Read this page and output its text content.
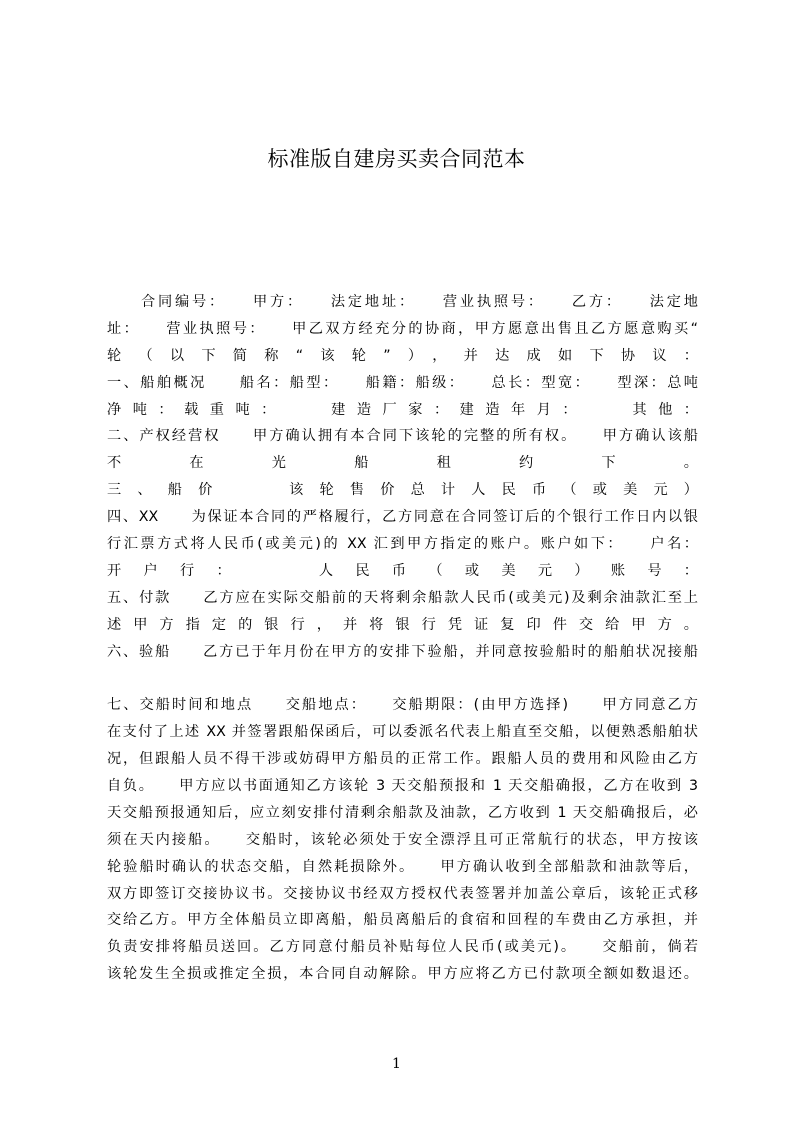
标准版自建房买卖合同范本
　　合同编号：　　甲方：　　法定地址：　　营业执照号：　　乙方：　　法定地
址：　　营业执照号：　　甲乙双方经充分的协商，甲方愿意出售且乙方愿意购买“
轮（以下简称“该轮”），并达成如下协议：
一、船舶概况　　船名：船型：　　船籍：船级：　　总长：型宽：　　型深：总吨
净吨：载重吨：　　建造厂家：建造年月：　　其他：
二、产权经营权　　甲方确认拥有本合同下该轮的完整的所有权。　　甲方确认该船
不　在　光　船　租　约　下　。
三、船价　　该轮售价总计人民币（或美元）
四、XX　　为保证本合同的严格履行，乙方同意在合同签订后的个银行工作日内以银
行汇票方式将人民币(或美元)的 XX 汇到甲方指定的账户。账户如下：　　户名：
开户行：　　人民币（或美元）账号：
五、付款　　乙方应在实际交船前的天将剩余船款人民币(或美元)及剩余油款汇至上
述甲方指定的银行，并将银行凭证复印件交给甲方。
六、验船　　乙方已于年月份在甲方的安排下验船，并同意按验船时的船舶状况接船
七、交船时间和地点　　交船地点：　　交船期限：(由甲方选择)　　甲方同意乙方
在支付了上述 XX 并签署跟船保函后，可以委派名代表上船直至交船，以便熟悉船舶状
况，但跟船人员不得干涉或妨碍甲方船员的正常工作。跟船人员的费用和风险由乙方
自负。　　甲方应以书面通知乙方该轮 3 天交船预报和 1 天交船确报，乙方在收到 3
天交船预报通知后，应立刻安排付清剩余船款及油款，乙方收到 1 天交船确报后，必
须在天内接船。　　交船时，该轮必须处于安全漂浮且可正常航行的状态，甲方按该
轮验船时确认的状态交船，自然耗损除外。　　甲方确认收到全部船款和油款等后，
双方即签订交接协议书。交接协议书经双方授权代表签署并加盖公章后，该轮正式移
交给乙方。甲方全体船员立即离船，船员离船后的食宿和回程的车费由乙方承担，并
负责安排将船员送回。乙方同意付船员补贴每位人民币(或美元)。　　交船前，倘若
该轮发生全损或推定全损，本合同自动解除。甲方应将乙方已付款项全额如数退还。
1
